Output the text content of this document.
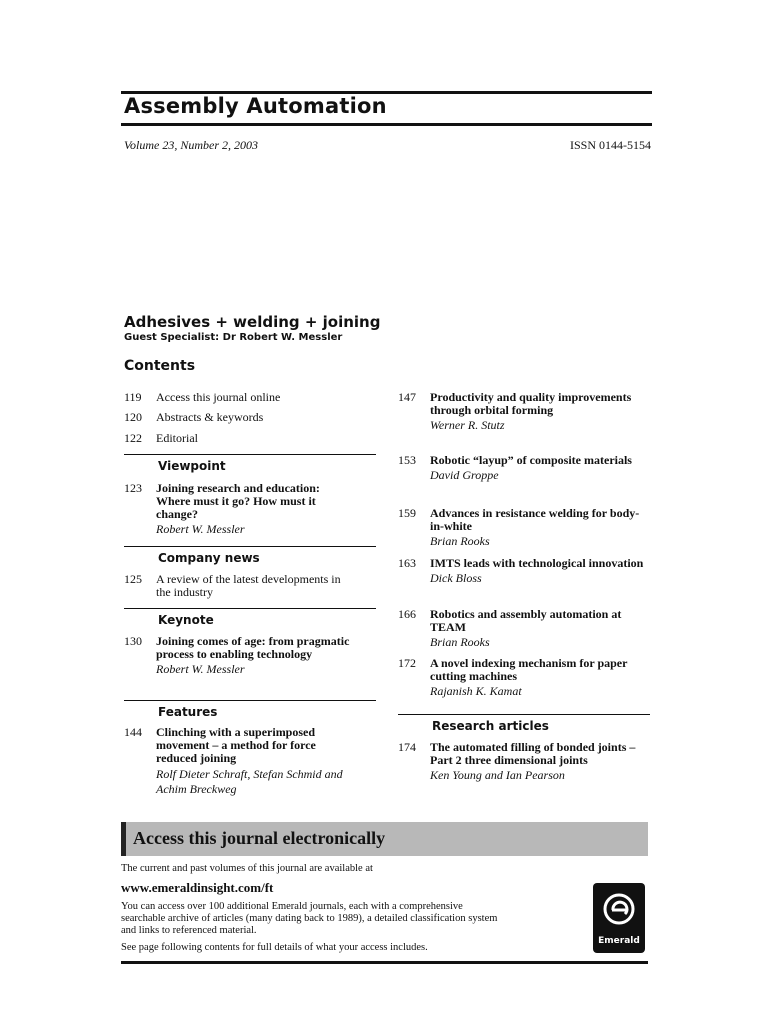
Assembly Automation
Volume 23, Number 2, 2003	ISSN 0144-5154
Adhesives + welding + joining
Guest Specialist: Dr Robert W. Messler
Contents
119	Access this journal online
120	Abstracts & keywords
122	Editorial
Viewpoint
123	Joining research and education: Where must it go? How must it change?
Robert W. Messler
Company news
125	A review of the latest developments in the industry
Keynote
130	Joining comes of age: from pragmatic process to enabling technology
Robert W. Messler
Features
144	Clinching with a superimposed movement – a method for force reduced joining
Rolf Dieter Schraft, Stefan Schmid and Achim Breckweg
147	Productivity and quality improvements through orbital forming
Werner R. Stutz
153	Robotic “layup” of composite materials
David Groppe
159	Advances in resistance welding for body-in-white
Brian Rooks
163	IMTS leads with technological innovation
Dick Bloss
166	Robotics and assembly automation at TEAM
Brian Rooks
172	A novel indexing mechanism for paper cutting machines
Rajanish K. Kamat
Research articles
174	The automated filling of bonded joints – Part 2 three dimensional joints
Ken Young and Ian Pearson
Access this journal electronically
The current and past volumes of this journal are available at
www.emeraldinsight.com/ft
You can access over 100 additional Emerald journals, each with a comprehensive
searchable archive of articles (many dating back to 1989), a detailed classification system
and links to referenced material.
See page following contents for full details of what your access includes.
Emerald
